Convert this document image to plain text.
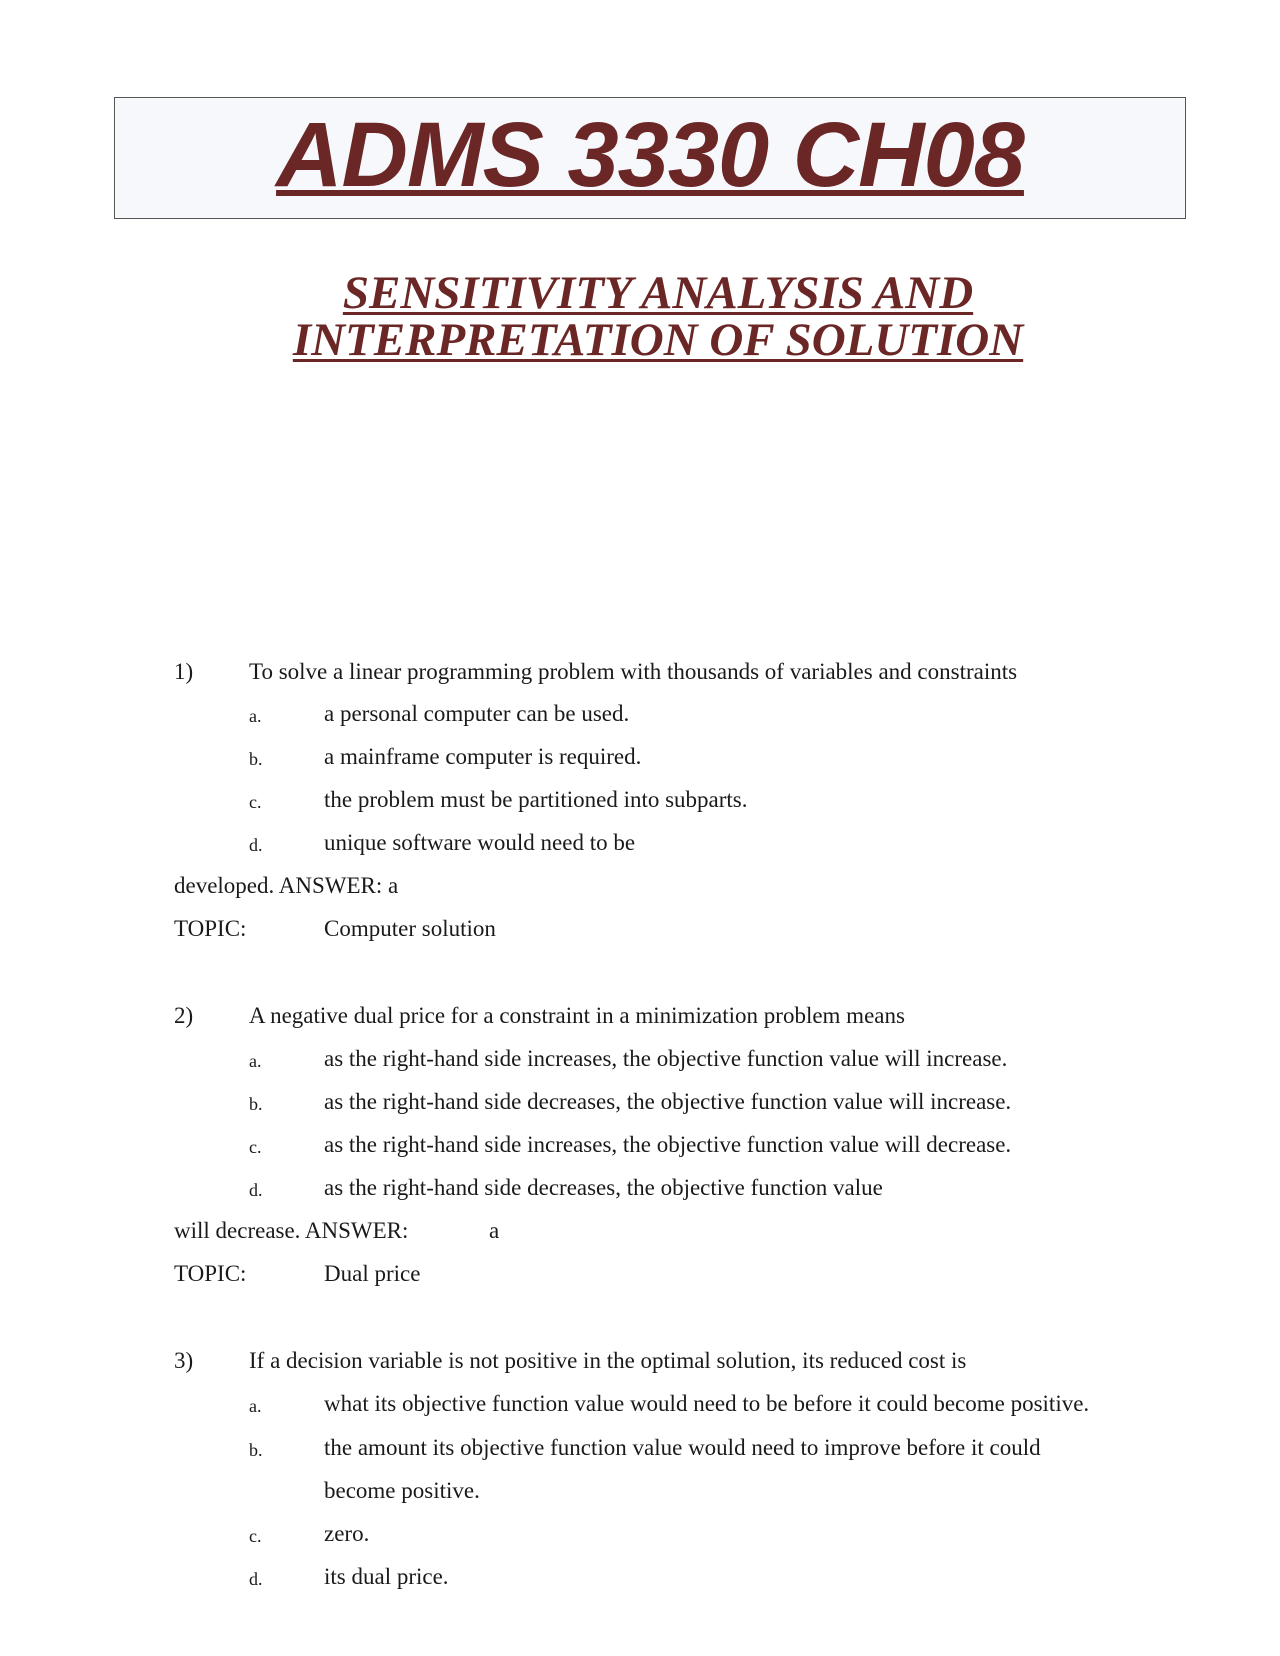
ADMS 3330 CH08
SENSITIVITY ANALYSIS AND
INTERPRETATION OF SOLUTION
1) To solve a linear programming problem with thousands of variables and constraints
a.	a personal computer can be used.
b.	a mainframe computer is required.
c.	the problem must be partitioned into subparts.
d.	unique software would need to be
developed. ANSWER: a
TOPIC:	Computer solution
2) A negative dual price for a constraint in a minimization problem means
a.	as the right-hand side increases, the objective function value will increase.
b.	as the right-hand side decreases, the objective function value will increase.
c.	as the right-hand side increases, the objective function value will decrease.
d.	as the right-hand side decreases, the objective function value
will decrease. ANSWER:	a
TOPIC:	Dual price
3) If a decision variable is not positive in the optimal solution, its reduced cost is
a.	what its objective function value would need to be before it could become positive.
b.	the amount its objective function value would need to improve before it could
become positive.
c.	zero.
d.	its dual price.
